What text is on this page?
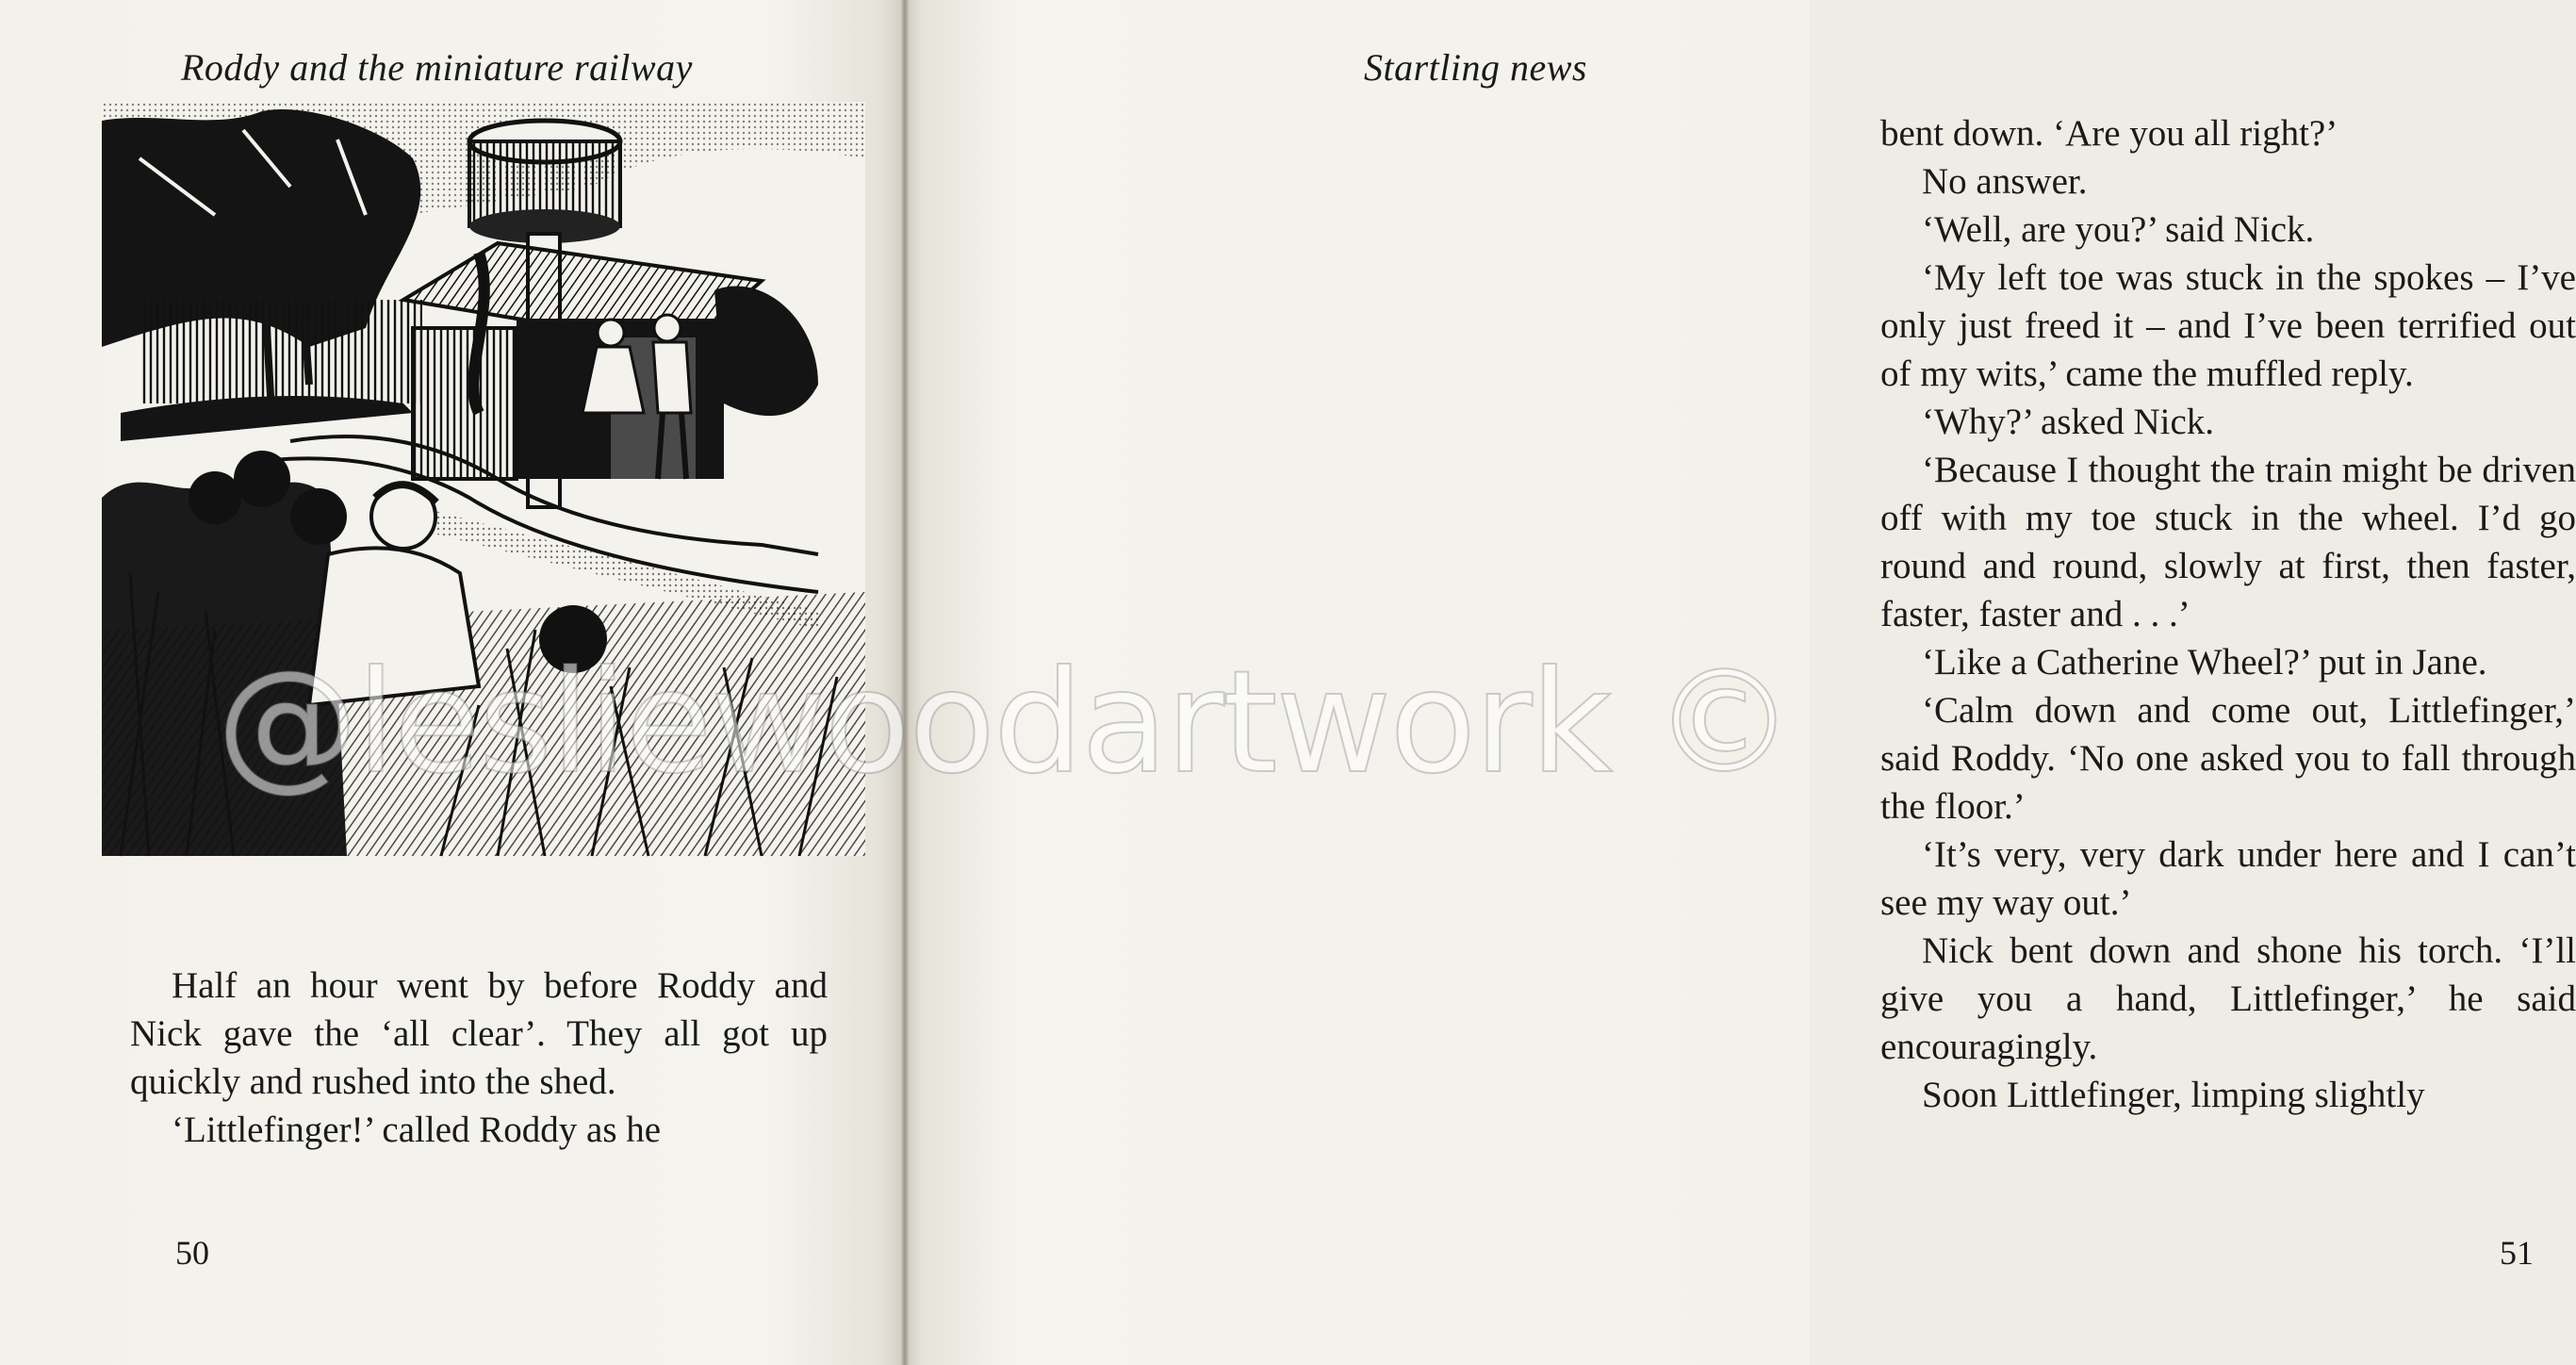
Roddy and the miniature railway

Half an hour went by before Roddy and Nick gave the ‘all clear’. They all got up quickly and rushed into the shed.

‘Littlefinger!’ called Roddy as he

50
Startling news

bent down. ‘Are you all right?’

No answer.

‘Well, are you?’ said Nick.

‘My left toe was stuck in the spokes – I’ve only just freed it – and I’ve been terrified out of my wits,’ came the muffled reply.

‘Why?’ asked Nick.

‘Because I thought the train might be driven off with my toe stuck in the wheel. I’d go round and round, slowly at first, then faster, faster, faster and . . .’

‘Like a Catherine Wheel?’ put in Jane.

‘Calm down and come out, Littlefinger,’ said Roddy. ‘No one asked you to fall through the floor.’

‘It’s very, very dark under here and I can’t see my way out.’

Nick bent down and shone his torch. ‘I’ll give you a hand, Littlefinger,’ he said encouragingly.

Soon Littlefinger, limping slightly

51
@lesliewoodartwork ©
